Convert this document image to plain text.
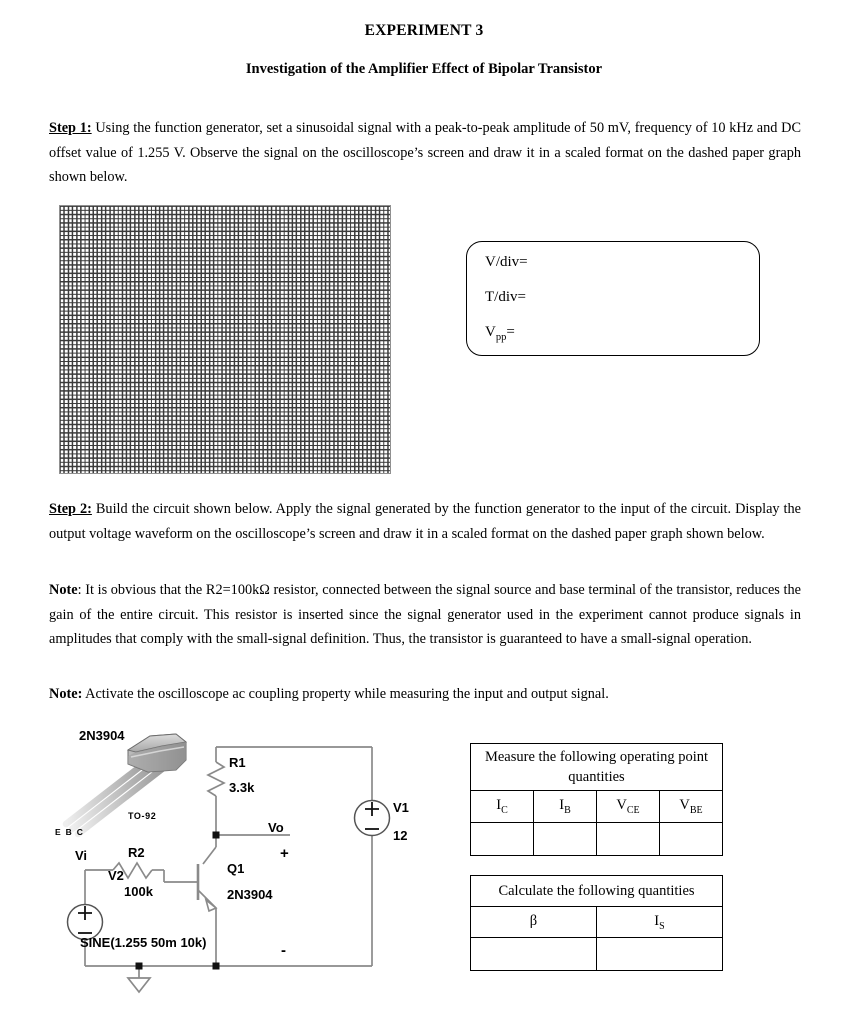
EXPERIMENT 3
Investigation of the Amplifier Effect of Bipolar Transistor
Step 1: Using the function generator, set a sinusoidal signal with a peak-to-peak amplitude of 50 mV, frequency of 10 kHz and DC offset value of 1.255 V. Observe the signal on the oscilloscope’s screen and draw it in a scaled format on the dashed paper graph shown below.
V/div=
T/div=
$V_{pp}=$
Step 2: Build the circuit shown below. Apply the signal generated by the function generator to the input of the circuit. Display the output voltage waveform on the oscilloscope’s screen and draw it in a scaled format on the dashed paper graph shown below.
Note: It is obvious that the R2=100kΩ resistor, connected between the signal source and base terminal of the transistor, reduces the gain of the entire circuit. This resistor is inserted since the signal generator used in the experiment cannot produce signals in amplitudes that comply with the small-signal definition. Thus, the transistor is guaranteed to have a small-signal operation.
Note: Activate the oscilloscope ac coupling property while measuring the input and output signal.
2N3904
TO-92
E B C
R1
3.3k
R2
100k
Q1
2N3904
Vo
+
-
Vi
V2
SINE(1.255 50m 10k)
V1
12
Measure the following operating point quantities			
$I_C$	$I_B$	$V_{CE}$	$V_{BE}$

Calculate the following quantities	
β	$I_S$
